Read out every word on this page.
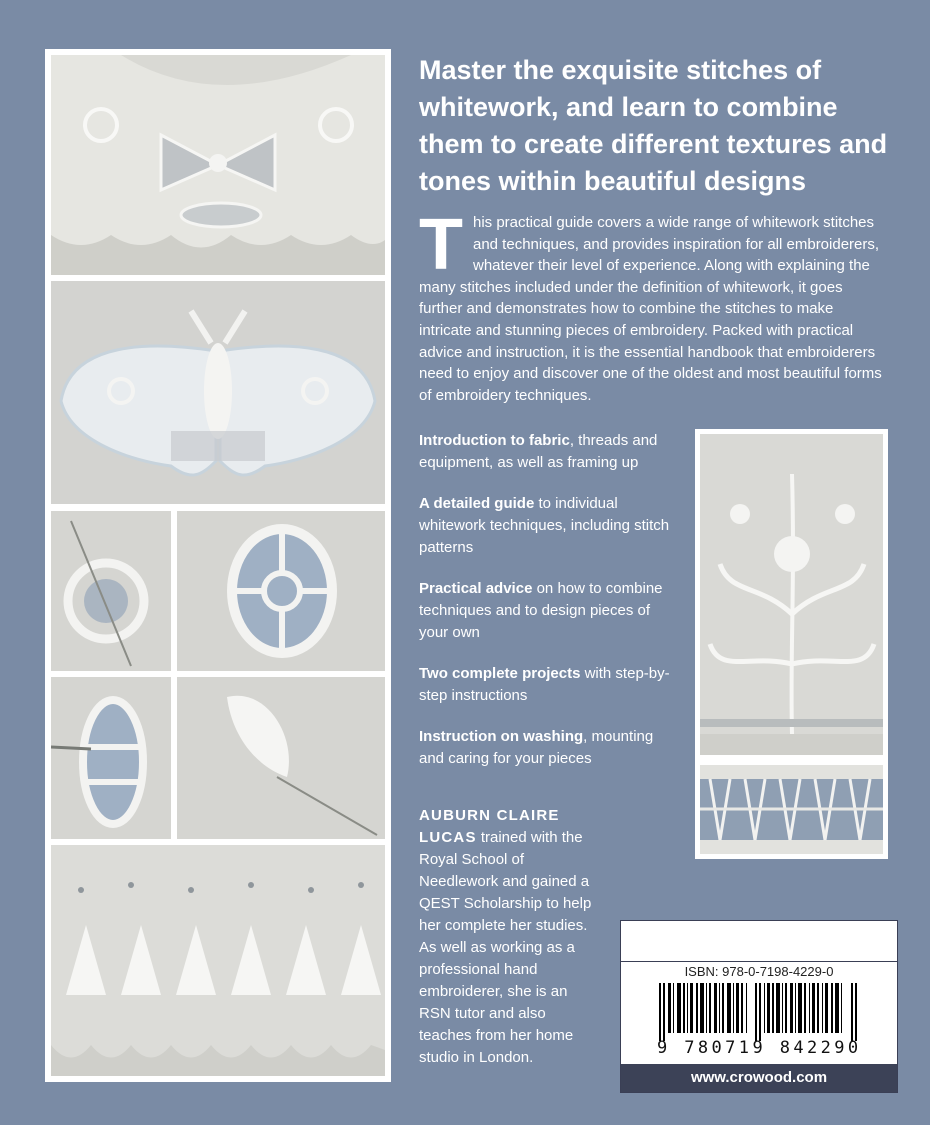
Master the exquisite stitches of whitework, and learn to combine them to create different textures and tones within beautiful designs

This practical guide covers a wide range of whitework stitches and techniques, and provides inspiration for all embroiderers, whatever their level of experience. Along with explaining the many stitches included under the definition of whitework, it goes further and demonstrates how to combine the stitches to make intricate and stunning pieces of embroidery. Packed with practical advice and instruction, it is the essential handbook that embroiderers need to enjoy and discover one of the oldest and most beautiful forms of embroidery techniques.

Introduction to fabric, threads and equipment, as well as framing up

A detailed guide to individual whitework techniques, including stitch patterns

Practical advice on how to combine techniques and to design pieces of your own

Two complete projects with step-by-step instructions

Instruction on washing, mounting and caring for your pieces

AUBURN CLAIRE LUCAS trained with the Royal School of Needlework and gained a QEST Scholarship to help her complete her studies. As well as working as a professional hand embroiderer, she is an RSN tutor and also teaches from her home studio in London.

ISBN: 978-0-7198-4229-0
9 780719 842290
www.crowood.com
